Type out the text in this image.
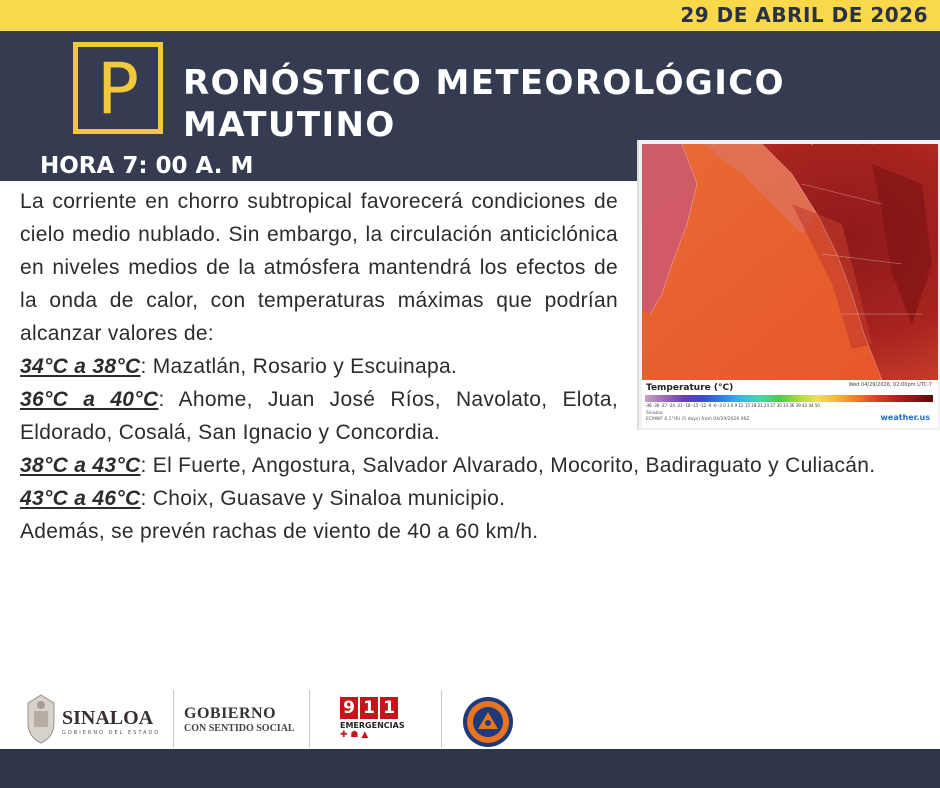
29 DE ABRIL DE 2026
P	RONÓSTICO METEOROLÓGICO
MATUTINO
HORA 7: 00 A. M
This service is based on data and products of the European Centre for Medium-range Weather Forecasts (ECMWF)
Temperature (°C)	Wed 04/29/2026, 02:00pm UTC-7
-36 -30 -27 -24 -21 -18 -15 -12 -9 -6 -3 0 3 6 9 12 15 18 21 24 27 30 33 36 39 42 44 50
Sinaloa
ECMWF 0.1°(6) (5 days) from 04/29/2026 06Z	weather.us
La corriente en chorro subtropical favorecerá condiciones de cielo medio nublado. Sin embargo, la circulación anticiclónica en niveles medios de la atmósfera mantendrá los efectos de la onda de calor, con temperaturas máximas que podrían alcanzar valores de:
34°C a 38°C: Mazatlán, Rosario y Escuinapa.
36°C a 40°C: Ahome, Juan José Ríos, Navolato, Elota, Eldorado, Cosalá, San Ignacio y Concordia.
38°C a 43°C: El Fuerte, Angostura, Salvador Alvarado, Mocorito, Badiraguato y Culiacán.
43°C a 46°C: Choix, Guasave y Sinaloa municipio.
Además, se prevén rachas de viento de 40 a 60 km/h.
SINALOA
GOBIERNO DEL ESTADO
GOBIERNO
CON SENTIDO SOCIAL
9 1 1
EMERGENCIAS
✚ ☗ ▲
